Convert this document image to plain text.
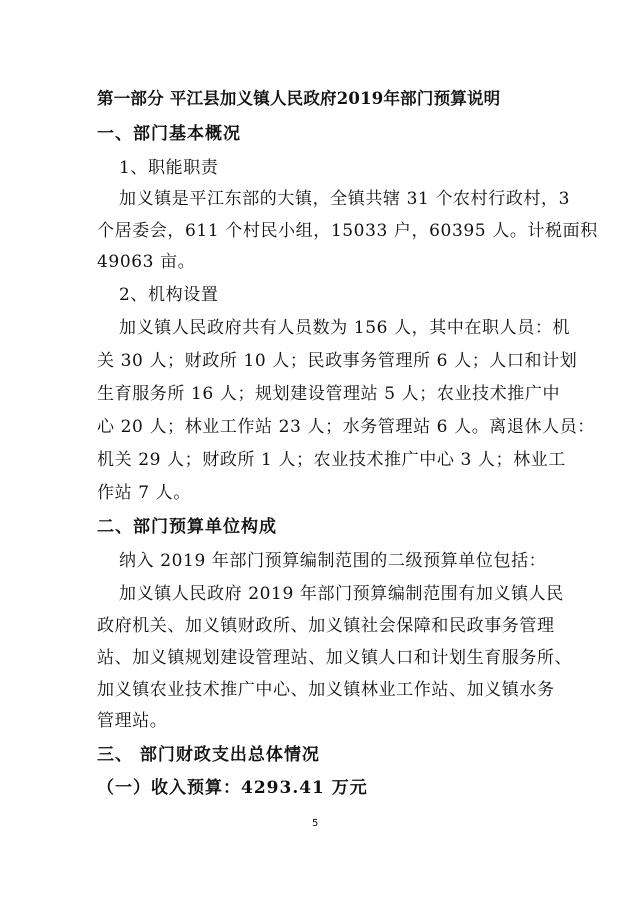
第一部分 平江县加义镇人民政府2019年部门预算说明
一、部门基本概况
1、职能职责
加义镇是平江东部的大镇，全镇共辖 31 个农村行政村，3
个居委会，611 个村民小组，15033 户，60395 人。计税面积
49063 亩。
2、机构设置
加义镇人民政府共有人员数为 156 人，其中在职人员：机
关 30 人；财政所 10 人；民政事务管理所 6 人；人口和计划
生育服务所 16 人；规划建设管理站 5 人；农业技术推广中
心 20 人；林业工作站 23 人；水务管理站 6 人。离退休人员：
机关 29 人；财政所 1 人；农业技术推广中心 3 人；林业工
作站 7 人。
二、部门预算单位构成
纳入 2019 年部门预算编制范围的二级预算单位包括：
加义镇人民政府 2019 年部门预算编制范围有加义镇人民
政府机关、加义镇财政所、加义镇社会保障和民政事务管理
站、加义镇规划建设管理站、加义镇人口和计划生育服务所、
加义镇农业技术推广中心、加义镇林业工作站、加义镇水务
管理站。
三、 部门财政支出总体情况
（一）收入预算：4293.41 万元
5
